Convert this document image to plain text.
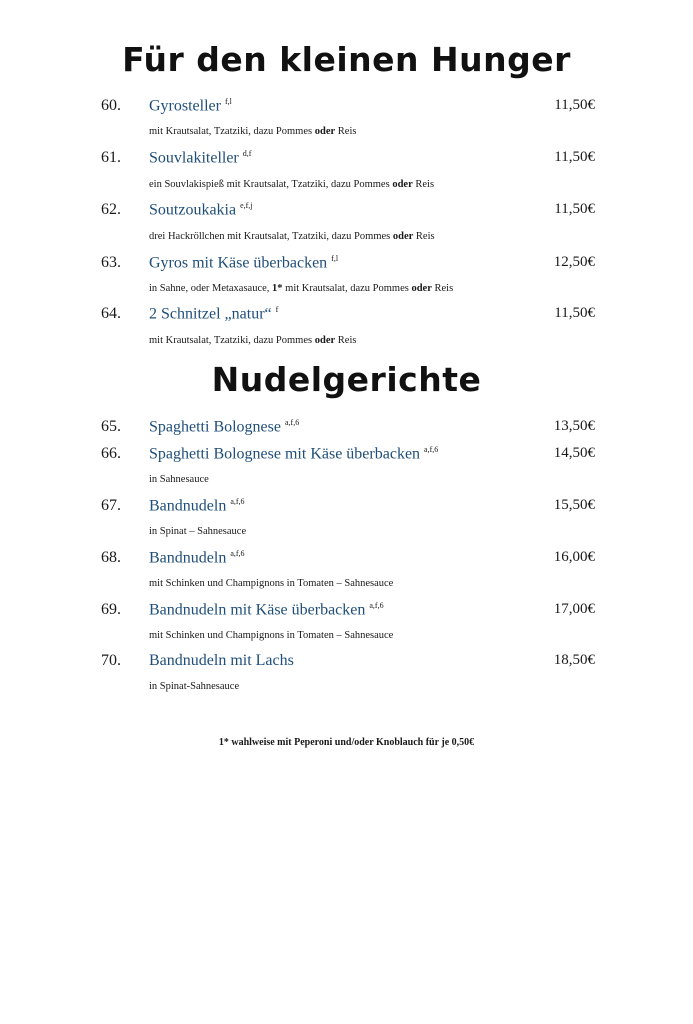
Für den kleinen Hunger
60. Gyrosteller $^{f,l}$	11,50€
mit Krautsalat, Tzatziki, dazu Pommes oder Reis
61. Souvlakiteller $^{d,f}$	11,50€
ein Souvlakispieß mit Krautsalat, Tzatziki, dazu Pommes oder Reis
62. Soutzoukakia $^{e,f,j}$	11,50€
drei Hackröllchen mit Krautsalat, Tzatziki, dazu Pommes oder Reis
63. Gyros mit Käse überbacken $^{f,l}$	12,50€
in Sahne, oder Metaxasauce, 1* mit Krautsalat, dazu Pommes oder Reis
64. 2 Schnitzel „natur“ $^f$	11,50€
mit Krautsalat, Tzatziki, dazu Pommes oder Reis
Nudelgerichte
65. Spaghetti Bolognese $^{a,f,6}$	13,50€
66. Spaghetti Bolognese mit Käse überbacken $^{a,f,6}$	14,50€
in Sahnesauce
67. Bandnudeln $^{a,f,6}$	15,50€
in Spinat – Sahnesauce
68. Bandnudeln $^{a,f,6}$	16,00€
mit Schinken und Champignons in Tomaten – Sahnesauce
69. Bandnudeln mit Käse überbacken $^{a,f,6}$	17,00€
mit Schinken und Champignons in Tomaten – Sahnesauce
70. Bandnudeln mit Lachs	18,50€
in Spinat-Sahnesauce
1* wahlweise mit Peperoni und/oder Knoblauch für je 0,50€
